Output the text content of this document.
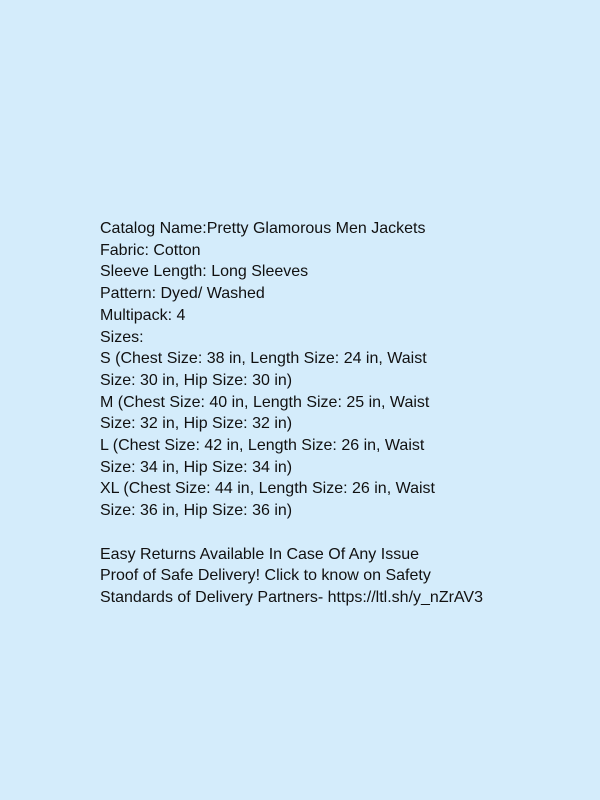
Catalog Name:Pretty Glamorous Men Jackets
Fabric: Cotton
Sleeve Length: Long Sleeves
Pattern: Dyed/ Washed
Multipack: 4
Sizes:
S (Chest Size: 38 in, Length Size: 24 in, Waist
Size: 30 in, Hip Size: 30 in)
M (Chest Size: 40 in, Length Size: 25 in, Waist
Size: 32 in, Hip Size: 32 in)
L (Chest Size: 42 in, Length Size: 26 in, Waist
Size: 34 in, Hip Size: 34 in)
XL (Chest Size: 44 in, Length Size: 26 in, Waist
Size: 36 in, Hip Size: 36 in)
Easy Returns Available In Case Of Any Issue
Proof of Safe Delivery! Click to know on Safety
Standards of Delivery Partners- https://ltl.sh/y_nZrAV3
